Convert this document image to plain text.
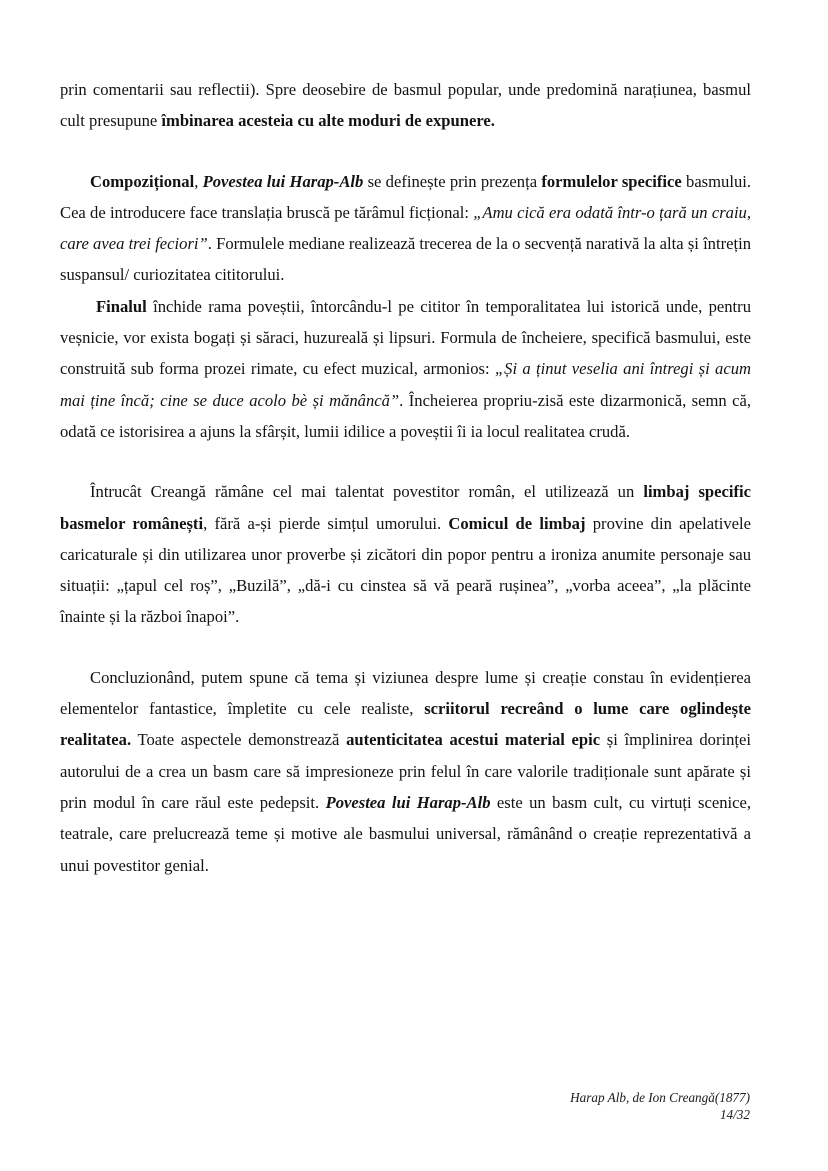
prin comentarii sau reflectii). Spre deosebire de basmul popular, unde predomină narațiunea, basmul cult presupune îmbinarea acesteia cu alte moduri de expunere.

Compozițional, Povestea lui Harap-Alb se definește prin prezența formulelor specifice basmului. Cea de introducere face translația bruscă pe tărâmul ficțional: „Amu cică era odată într-o țară un craiu, care avea trei feciori”. Formulele mediane realizează trecerea de la o secvență narativă la alta și întrețin suspansul/ curiozitatea cititorului.

Finalul închide rama poveștii, întorcându-l pe cititor în temporalitatea lui istorică unde, pentru veșnicie, vor exista bogați și săraci, huzureală și lipsuri. Formula de încheiere, specifică basmului, este construită sub forma prozei rimate, cu efect muzical, armonios: „Și a ținut veselia ani întregi și acum mai ține încă; cine se duce acolo bè și mănâncă”. Încheierea propriu-zisă este dizarmonică, semn că, odată ce istorisirea a ajuns la sfârșit, lumii idilice a poveștii îi ia locul realitatea crudă.

Întrucât Creangă rămâne cel mai talentat povestitor român, el utilizează un limbaj specific basmelor românești, fără a-și pierde simțul umorului. Comicul de limbaj provine din apelativele caricaturale și din utilizarea unor proverbe și zicători din popor pentru a ironiza anumite personaje sau situații: „țapul cel roș”, „Buzilă”, „dă-i cu cinstea să vă peară rușinea”, „vorba aceea”, „la plăcinte înainte și la război înapoi”.

Concluzionând, putem spune că tema și viziunea despre lume și creație constau în evidențierea elementelor fantastice, împletite cu cele realiste, scriitorul recreând o lume care oglindește realitatea. Toate aspectele demonstrează autenticitatea acestui material epic și împlinirea dorinței autorului de a crea un basm care să impresioneze prin felul în care valorile tradiționale sunt apărate și prin modul în care răul este pedepsit. Povestea lui Harap-Alb este un basm cult, cu virtuți scenice, teatrale, care prelucrează teme și motive ale basmului universal, rămânând o creație reprezentativă a unui povestitor genial.

Harap Alb, de Ion Creangă(1877)
14/32
